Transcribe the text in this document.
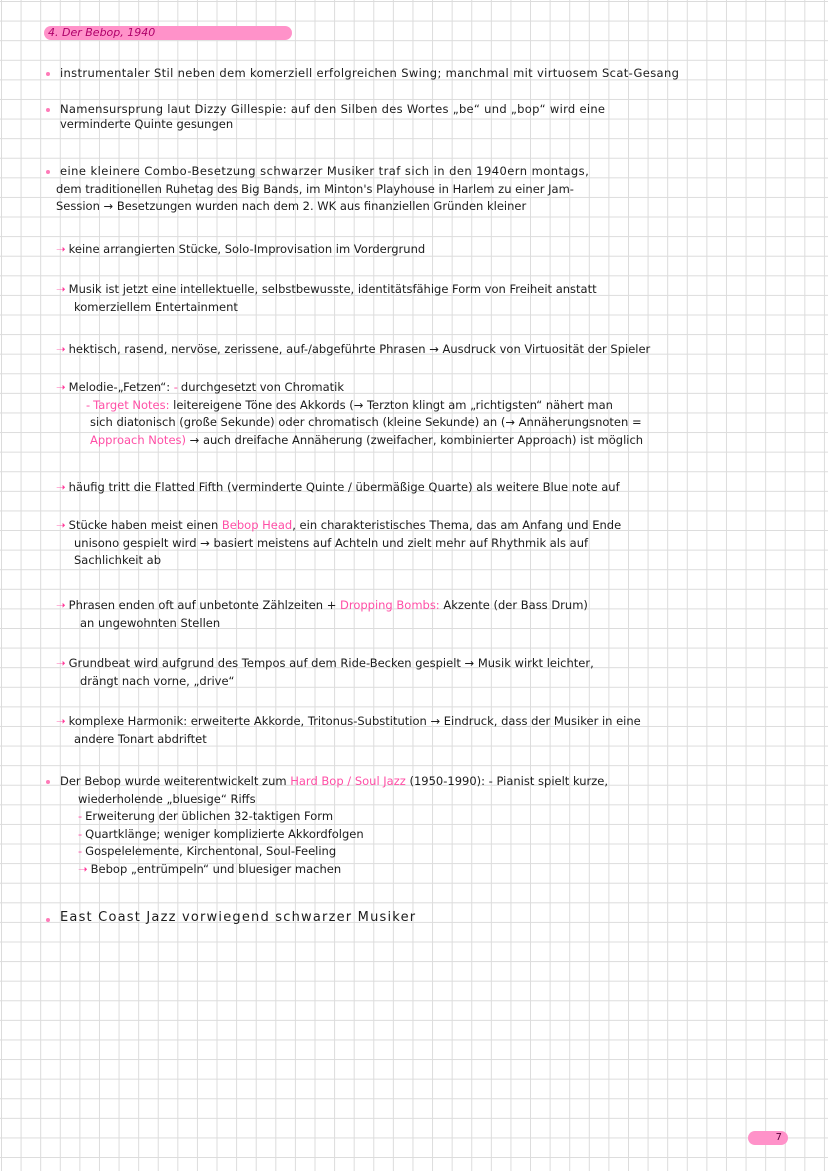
4. Der Bebop, 1940
instrumentaler Stil neben dem komerziell erfolgreichen Swing; manchmal mit virtuosem Scat-Gesang
Namensursprung laut Dizzy Gillespie: auf den Silben des Wortes „be“ und „bop“ wird eine
verminderte Quinte gesungen
eine kleinere Combo-Besetzung schwarzer Musiker traf sich in den 1940ern montags,
dem traditionellen Ruhetag des Big Bands, im Minton's Playhouse in Harlem zu einer Jam-
Session → Besetzungen wurden nach dem 2. WK aus finanziellen Gründen kleiner
➝ keine arrangierten Stücke, Solo-Improvisation im Vordergrund
➝ Musik ist jetzt eine intellektuelle, selbstbewusste, identitätsfähige Form von Freiheit anstatt
komerziellem Entertainment
➝ hektisch, rasend, nervöse, zerissene, auf-/abgeführte Phrasen → Ausdruck von Virtuosität der Spieler
➝ Melodie-„Fetzen“: - durchgesetzt von Chromatik
- Target Notes: leitereigene Töne des Akkords (→ Terzton klingt am „richtigsten“ nähert man
sich diatonisch (große Sekunde) oder chromatisch (kleine Sekunde) an (→ Annäherungsnoten =
Approach Notes) → auch dreifache Annäherung (zweifacher, kombinierter Approach) ist möglich
➝ häufig tritt die Flatted Fifth (verminderte Quinte / übermäßige Quarte) als weitere Blue note auf
➝ Stücke haben meist einen Bebop Head, ein charakteristisches Thema, das am Anfang und Ende
unisono gespielt wird → basiert meistens auf Achteln und zielt mehr auf Rhythmik als auf
Sachlichkeit ab
➝ Phrasen enden oft auf unbetonte Zählzeiten + Dropping Bombs: Akzente (der Bass Drum)
an ungewohnten Stellen
➝ Grundbeat wird aufgrund des Tempos auf dem Ride-Becken gespielt → Musik wirkt leichter,
drängt nach vorne, „drive“
➝ komplexe Harmonik: erweiterte Akkorde, Tritonus-Substitution → Eindruck, dass der Musiker in eine
andere Tonart abdriftet
Der Bebop wurde weiterentwickelt zum Hard Bop / Soul Jazz (1950-1990): - Pianist spielt kurze,
wiederholende „bluesige“ Riffs
- Erweiterung der üblichen 32-taktigen Form
- Quartklänge; weniger komplizierte Akkordfolgen
- Gospelelemente, Kirchentonal, Soul-Feeling
➝ Bebop „entrümpeln“ und bluesiger machen
East Coast Jazz vorwiegend schwarzer Musiker
7
